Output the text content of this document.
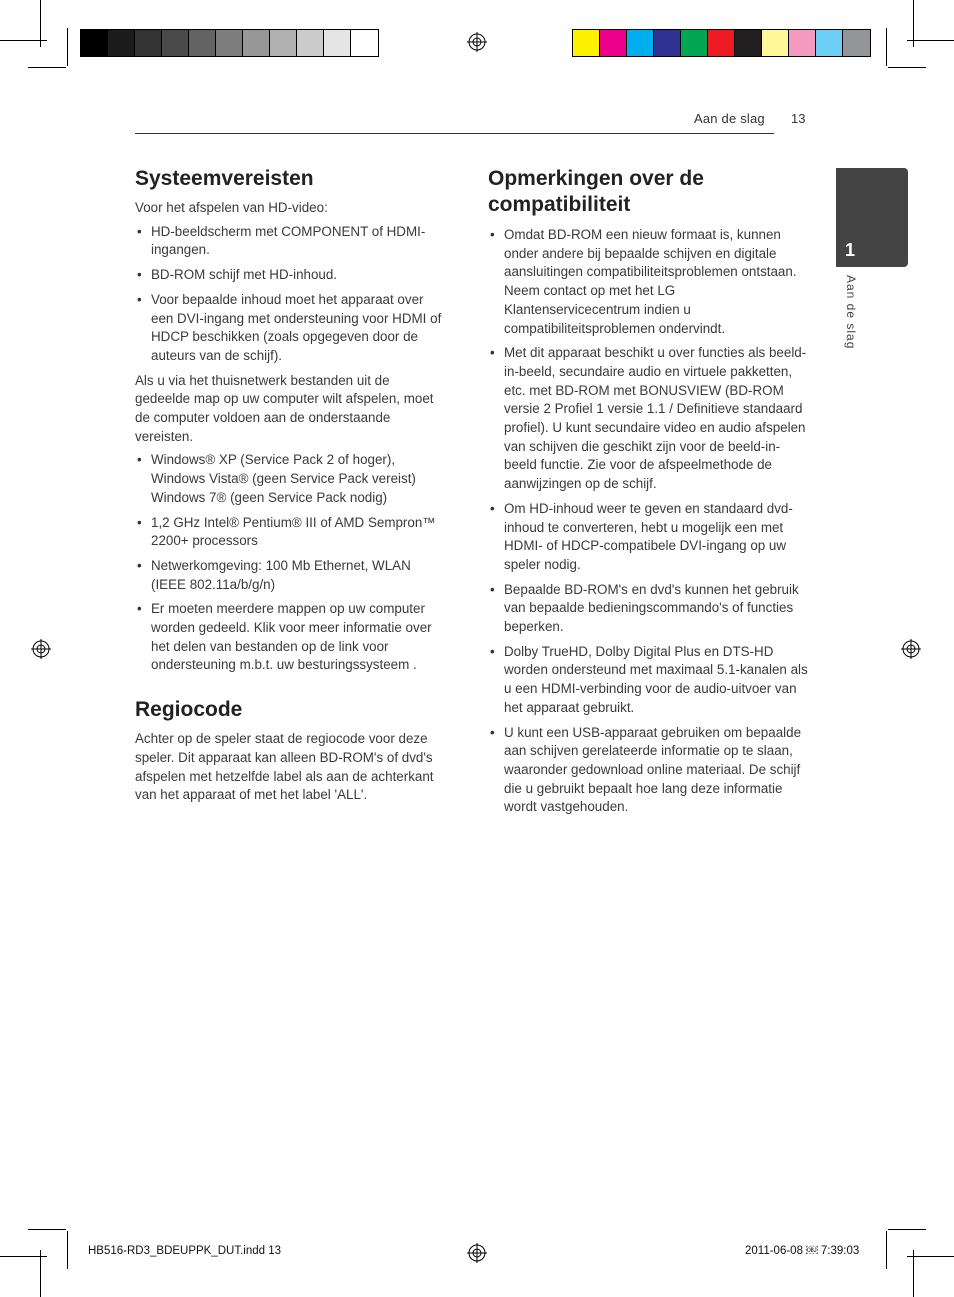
Aan de slag 13
1
Aan de slag
Systeemvereisten

Voor het afspelen van HD-video:

• HD-beeldscherm met COMPONENT of HDMI-ingangen.
• BD-ROM schijf met HD-inhoud.
• Voor bepaalde inhoud moet het apparaat over een DVI-ingang met ondersteuning voor HDMI of HDCP beschikken (zoals opgegeven door de auteurs van de schijf).

Als u via het thuisnetwerk bestanden uit de gedeelde map op uw computer wilt afspelen, moet de computer voldoen aan de onderstaande vereisten.

• Windows® XP (Service Pack 2 of hoger), Windows Vista® (geen Service Pack vereist) Windows 7® (geen Service Pack nodig)
• 1,2 GHz Intel® Pentium® III of AMD Sempron™ 2200+ processors
• Netwerkomgeving: 100 Mb Ethernet, WLAN (IEEE 802.11a/b/g/n)
• Er moeten meerdere mappen op uw computer worden gedeeld. Klik voor meer informatie over het delen van bestanden op de link voor ondersteuning m.b.t. uw besturingssysteem .
Regiocode

Achter op de speler staat de regiocode voor deze speler. Dit apparaat kan alleen BD-ROM's of dvd's afspelen met hetzelfde label als aan de achterkant van het apparaat of met het label 'ALL'.

Opmerkingen over de compatibiliteit
• Omdat BD-ROM een nieuw formaat is, kunnen onder andere bij bepaalde schijven en digitale aansluitingen compatibiliteitsproblemen ontstaan. Neem contact op met het LG Klantenservicecentrum indien u compatibiliteitsproblemen ondervindt.
• Met dit apparaat beschikt u over functies als beeld-in-beeld, secundaire audio en virtuele pakketten, etc. met BD-ROM met BONUSVIEW (BD-ROM versie 2 Profiel 1 versie 1.1 / Definitieve standaard profiel). U kunt secundaire video en audio afspelen van schijven die geschikt zijn voor de beeld-in-beeld functie. Zie voor de afspeelmethode de aanwijzingen op de schijf.
• Om HD-inhoud weer te geven en standaard dvd-inhoud te converteren, hebt u mogelijk een met HDMI- of HDCP-compatibele DVI-ingang op uw speler nodig.
• Bepaalde BD-ROM's en dvd's kunnen het gebruik van bepaalde bedieningscommando's of functies beperken.
• Dolby TrueHD, Dolby Digital Plus en DTS-HD worden ondersteund met maximaal 5.1-kanalen als u een HDMI-verbinding voor de audio-uitvoer van het apparaat gebruikt.
• U kunt een USB-apparaat gebruiken om bepaalde aan schijven gerelateerde informatie op te slaan, waaronder gedownload online materiaal. De schijf die u gebruikt bepaalt hoe lang deze informatie wordt vastgehouden.
HB516-RD3_BDEUPPK_DUT.indd 13	2011-06-08 ￼ 7:39:03
